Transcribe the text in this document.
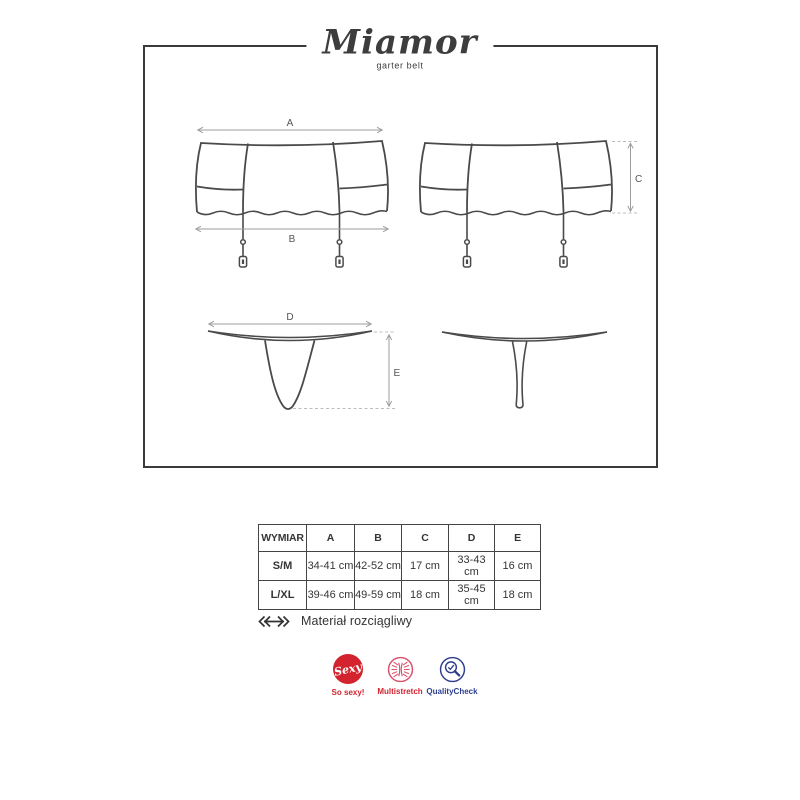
Miamor
garter belt
A
B
C
D
E
WYMIAR	A	B	C	D	E
S/M	34-41 cm	42-52 cm	17 cm	33-43 cm	16 cm
L/XL	39-46 cm	49-59 cm	18 cm	35-45 cm	18 cm
Materiał rozciągliwy
Sexy
So sexy! Multistretch QualityCheck
